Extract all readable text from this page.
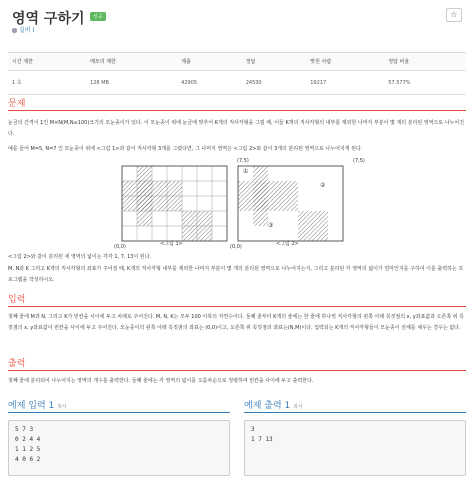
영역 구하기	성공	☆
실버 I
시간 제한	메모리 제한	제출	정답	맞힌 사람	정답 비율
1 초	128 MB	42905	24530	19217	57.577%
문제
눈금의 간격이 1인 M×N(M,N≤100)크기의 모눈종이가 있다. 이 모눈종이 위에 눈금에 맞추어 K개의 직사각형을 그릴 때, 이들 K개의 직사각형의 내부를 제외한 나머지 부분이 몇 개의 분리된 영역으로 나누어진다.
예를 들어 M=5, N=7 인 모눈종이 위에 <그림 1>과 같이 직사각형 3개를 그렸다면, 그 나머지 영역은 <그림 2>와 같이 3개의 분리된 영역으로 나누어지게 된다.
(7,5)
(0,0)	<그림 1>
(7,5)
(0,0)	<그림 2>
①
②
③
<그림 2>와 같이 분리된 세 영역의 넓이는 각각 1, 7, 13이 된다.
M, N과 K 그리고 K개의 직사각형의 좌표가 주어질 때, K개의 직사각형 내부를 제외한 나머지 부분이 몇 개의 분리된 영역으로 나누어지는지, 그리고 분리된 각 영역의 넓이가 얼마인지를 구하여 이를 출력하는 프로그램을 작성하시오.
입력
첫째 줄에 M과 N, 그리고 K가 빈칸을 사이에 두고 차례로 주어진다. M, N, K는 모두 100 이하의 자연수이다. 둘째 줄부터 K개의 줄에는 한 줄에 하나씩 직사각형의 왼쪽 아래 꼭짓점의 x, y좌표값과 오른쪽 위 꼭짓점의 x, y좌표값이 빈칸을 사이에 두고 주어진다. 모눈종이의 왼쪽 아래 꼭짓점의 좌표는 (0,0)이고, 오른쪽 위 꼭짓점의 좌표는(N,M)이다. 입력되는 K개의 직사각형들이 모눈종이 전체를 채우는 경우는 없다.
출력
첫째 줄에 분리되어 나누어지는 영역의 개수를 출력한다. 둘째 줄에는 각 영역의 넓이를 오름차순으로 정렬하여 빈칸을 사이에 두고 출력한다.
예제 입력 1 복사
5 7 3
0 2 4 4
1 1 2 5
4 0 6 2
예제 출력 1 복사
3
1 7 13
